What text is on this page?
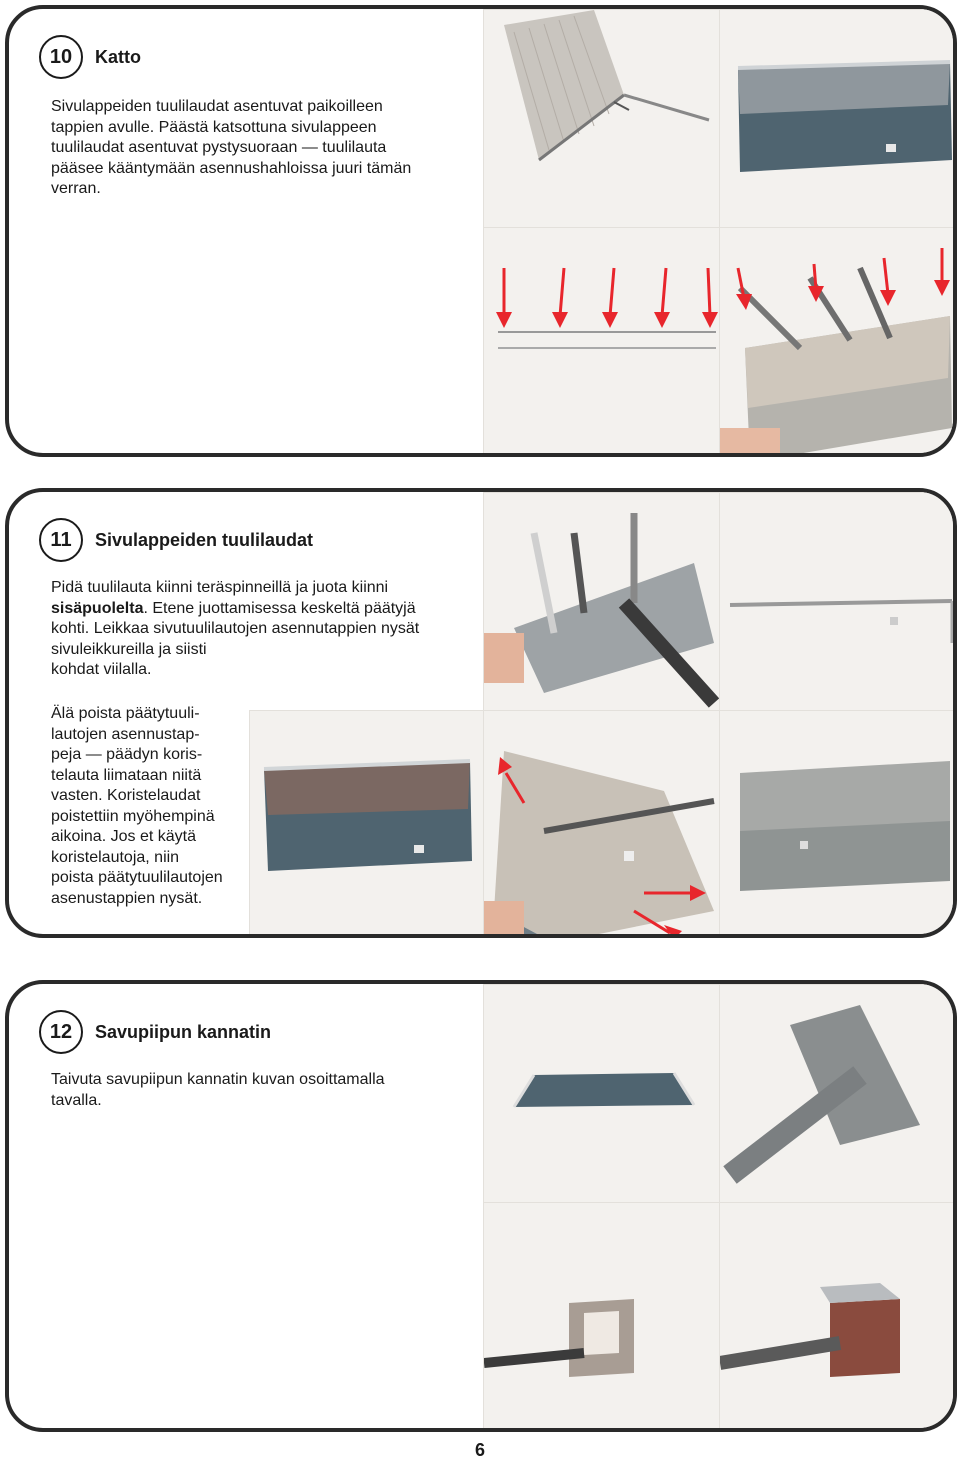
10	Katto
Sivulappeiden tuulilaudat asentuvat paikoilleen
tappien avulle. Päästä katsottuna sivulappeen
tuulilaudat asentuvat pystysuoraan — tuulilauta
pääsee kääntymään asennushahloissa juuri tämän
verran.
11	Sivulappeiden tuulilaudat
Pidä tuulilauta kiinni teräspinneillä ja juota kiinni
sisäpuolelta. Etene juottamisessa keskeltä päätyjä
kohti. Leikkaa sivutuulilautojen asennutappien nysät
sivuleikkureilla ja siisti
kohdat viilalla.
Älä poista päätytuuli-
lautojen asennustap-
peja — päädyn koris-
telauta liimataan niitä
vasten. Koristelaudat
poistettiin myöhempinä
aikoina. Jos et käytä
koristelautoja, niin
poista päätytuulilautojen
asenustappien nysät.
12	Savupiipun kannatin
Taivuta savupiipun kannatin kuvan osoittamalla
tavalla.
6
